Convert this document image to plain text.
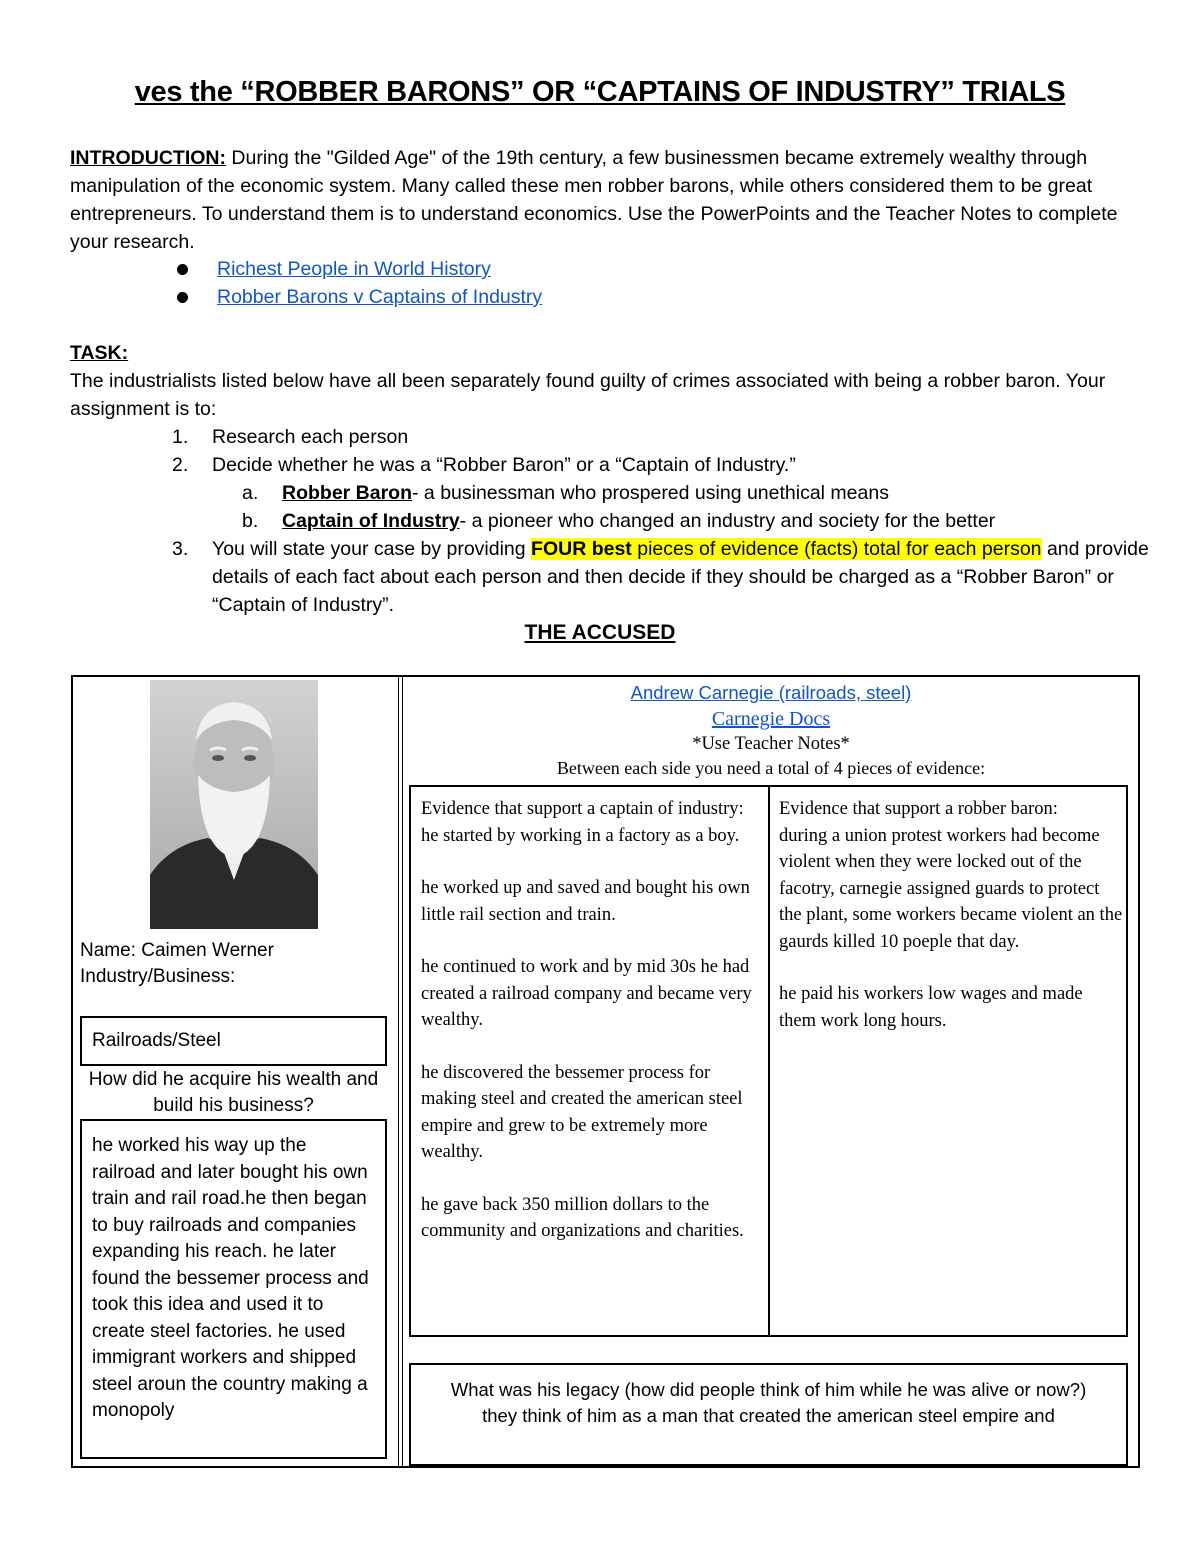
ves the “ROBBER BARONS” OR “CAPTAINS OF INDUSTRY” TRIALS
INTRODUCTION: During the "Gilded Age" of the 19th century, a few businessmen became extremely wealthy through manipulation of the economic system. Many called these men robber barons, while others considered them to be great entrepreneurs. To understand them is to understand economics. Use the PowerPoints and the Teacher Notes to complete your research.
Richest People in World History
Robber Barons v Captains of Industry
TASK:
The industrialists listed below have all been separately found guilty of crimes associated with being a robber baron. Your assignment is to:
1.	Research each person
2.	Decide whether he was a “Robber Baron” or a “Captain of Industry.”
a.	Robber Baron- a businessman who prospered using unethical means
b.	Captain of Industry- a pioneer who changed an industry and society for the better
3.	You will state your case by providing FOUR best pieces of evidence (facts) total for each person and provide details of each fact about each person and then decide if they should be charged as a “Robber Baron” or “Captain of Industry”.
THE ACCUSED
Name: Caimen Werner
Industry/Business:
Railroads/Steel
How did he acquire his wealth and build his business?
he worked his way up the railroad and later bought his own train and rail road.he then began to buy railroads and companies expanding his reach. he later found the bessemer process and took this idea and used it to create steel factories. he used immigrant workers and shipped steel aroun the country making a monopoly
Andrew Carnegie (railroads, steel)
Carnegie Docs
*Use Teacher Notes*
Between each side you need a total of 4 pieces of evidence:
Evidence that support a captain of industry:

he started by working in a factory as a boy.

he worked up and saved and bought his own little rail section and train.

he continued to work and by mid 30s he had created a railroad company and became very wealthy.

he discovered the bessemer process for making steel and created the american steel empire and grew to be extremely more wealthy.

he gave back 350 million dollars to the community and organizations and charities.

Evidence that support a robber baron:

during a union protest workers had become violent when they were locked out of the facotry, carnegie assigned guards to protect the plant, some workers became violent an the gaurds killed 10 poeple that day.

he paid his workers low wages and made them work long hours.

What was his legacy (how did people think of him while he was alive or now?)
they think of him as a man that created the american steel empire and
